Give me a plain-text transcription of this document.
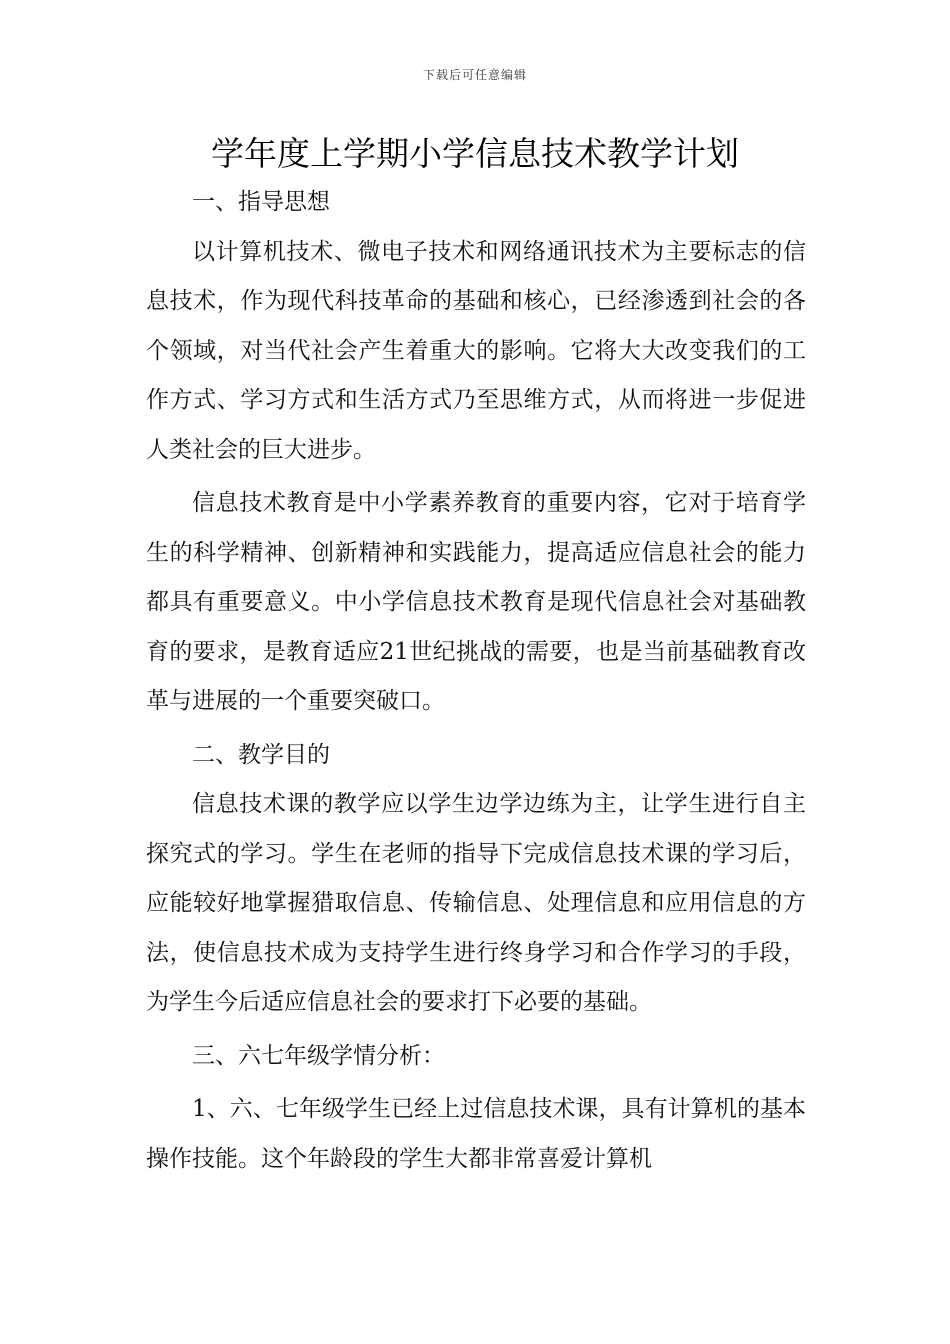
下载后可任意编辑
学年度上学期小学信息技术教学计划

一、指导思想

以计算机技术、微电子技术和网络通讯技术为主要标志的信息技术，作为现代科技革命的基础和核心，已经渗透到社会的各个领域，对当代社会产生着重大的影响。它将大大改变我们的工作方式、学习方式和生活方式乃至思维方式，从而将进一步促进人类社会的巨大进步。

信息技术教育是中小学素养教育的重要内容，它对于培育学生的科学精神、创新精神和实践能力，提高适应信息社会的能力都具有重要意义。中小学信息技术教育是现代信息社会对基础教育的要求，是教育适应21世纪挑战的需要，也是当前基础教育改革与进展的一个重要突破口。

二、教学目的

信息技术课的教学应以学生边学边练为主，让学生进行自主探究式的学习。学生在老师的指导下完成信息技术课的学习后，应能较好地掌握猎取信息、传输信息、处理信息和应用信息的方法，使信息技术成为支持学生进行终身学习和合作学习的手段，为学生今后适应信息社会的要求打下必要的基础。

三、六七年级学情分析：

1、六、七年级学生已经上过信息技术课，具有计算机的基本操作技能。这个年龄段的学生大都非常喜爱计算机
